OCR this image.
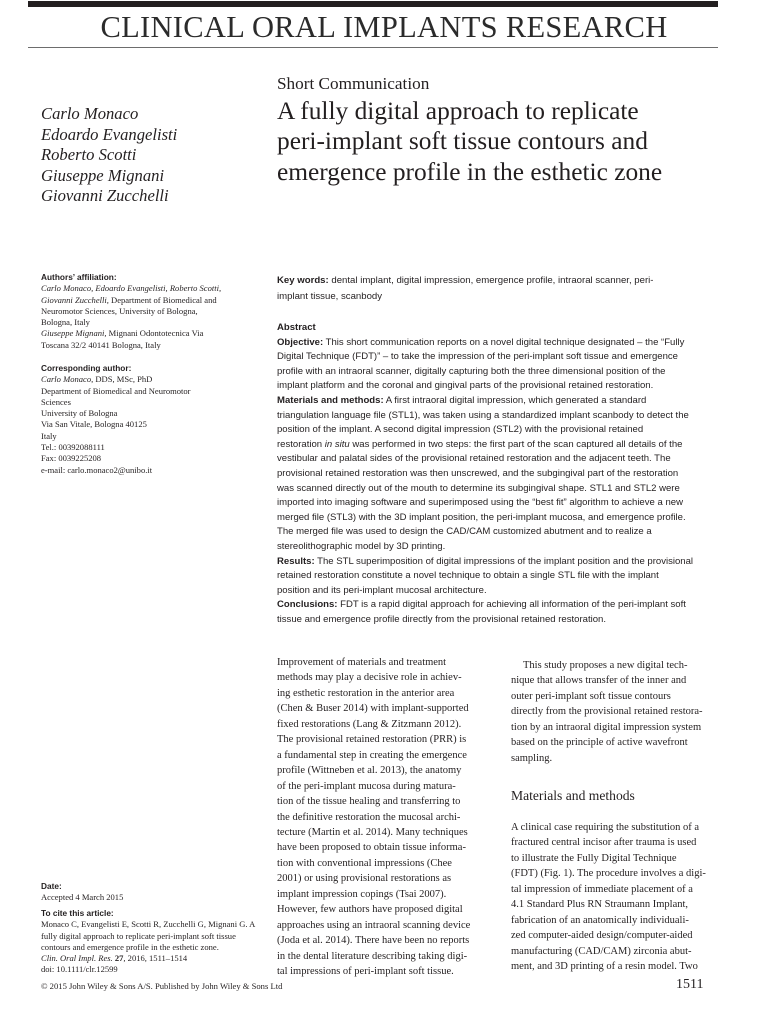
CLINICAL ORAL IMPLANTS RESEARCH
Carlo Monaco
Edoardo Evangelisti
Roberto Scotti
Giuseppe Mignani
Giovanni Zucchelli
Short Communication
A fully digital approach to replicate
peri-implant soft tissue contours and
emergence profile in the esthetic zone
Authors’ affiliation:
Carlo Monaco, Edoardo Evangelisti, Roberto Scotti,
Giovanni Zucchelli, Department of Biomedical and
Neuromotor Sciences, University of Bologna,
Bologna, Italy
Giuseppe Mignani, Mignani Odontotecnica Via
Toscana 32/2 40141 Bologna, Italy
Corresponding author:
Carlo Monaco, DDS, MSc, PhD
Department of Biomedical and Neuromotor
Sciences
University of Bologna
Via San Vitale, Bologna 40125
Italy
Tel.: 00392088111
Fax: 0039225208
e-mail: carlo.monaco2@unibo.it
Date:
Accepted 4 March 2015
To cite this article:
Monaco C, Evangelisti E, Scotti R, Zucchelli G, Mignani G. A
fully digital approach to replicate peri-implant soft tissue
contours and emergence profile in the esthetic zone.
Clin. Oral Impl. Res. 27, 2016, 1511–1514
doi: 10.1111/clr.12599
Key words: dental implant, digital impression, emergence profile, intraoral scanner, peri-
implant tissue, scanbody
Abstract
Objective: This short communication reports on a novel digital technique designated – the “Fully
Digital Technique (FDT)” – to take the impression of the peri-implant soft tissue and emergence
profile with an intraoral scanner, digitally capturing both the three dimensional position of the
implant platform and the coronal and gingival parts of the provisional retained restoration.
Materials and methods: A first intraoral digital impression, which generated a standard
triangulation language file (STL1), was taken using a standardized implant scanbody to detect the
position of the implant. A second digital impression (STL2) with the provisional retained
restoration in situ was performed in two steps: the first part of the scan captured all details of the
vestibular and palatal sides of the provisional retained restoration and the adjacent teeth. The
provisional retained restoration was then unscrewed, and the subgingival part of the restoration
was scanned directly out of the mouth to determine its subgingival shape. STL1 and STL2 were
imported into imaging software and superimposed using the “best fit” algorithm to achieve a new
merged file (STL3) with the 3D implant position, the peri-implant mucosa, and emergence profile.
The merged file was used to design the CAD/CAM customized abutment and to realize a
stereolithographic model by 3D printing.
Results: The STL superimposition of digital impressions of the implant position and the provisional
retained restoration constitute a novel technique to obtain a single STL file with the implant
position and its peri-implant mucosal architecture.
Conclusions: FDT is a rapid digital approach for achieving all information of the peri-implant soft
tissue and emergence profile directly from the provisional retained restoration.
Improvement of materials and treatment
methods may play a decisive role in achiev-
ing esthetic restoration in the anterior area
(Chen & Buser 2014) with implant-supported
fixed restorations (Lang & Zitzmann 2012).
The provisional retained restoration (PRR) is
a fundamental step in creating the emergence
profile (Wittneben et al. 2013), the anatomy
of the peri-implant mucosa during matura-
tion of the tissue healing and transferring to
the definitive restoration the mucosal archi-
tecture (Martin et al. 2014). Many techniques
have been proposed to obtain tissue informa-
tion with conventional impressions (Chee
2001) or using provisional restorations as
implant impression copings (Tsai 2007).
However, few authors have proposed digital
approaches using an intraoral scanning device
(Joda et al. 2014). There have been no reports
in the dental literature describing taking digi-
tal impressions of peri-implant soft tissue.
This study proposes a new digital tech-
nique that allows transfer of the inner and
outer peri-implant soft tissue contours
directly from the provisional retained restora-
tion by an intraoral digital impression system
based on the principle of active wavefront
sampling.
Materials and methods
A clinical case requiring the substitution of a
fractured central incisor after trauma is used
to illustrate the Fully Digital Technique
(FDT) (Fig. 1). The procedure involves a digi-
tal impression of immediate placement of a
4.1 Standard Plus RN Straumann Implant,
fabrication of an anatomically individuali-
zed computer-aided design/computer-aided
manufacturing (CAD/CAM) zirconia abut-
ment, and 3D printing of a resin model. Two
© 2015 John Wiley & Sons A/S. Published by John Wiley & Sons Ltd	1511
